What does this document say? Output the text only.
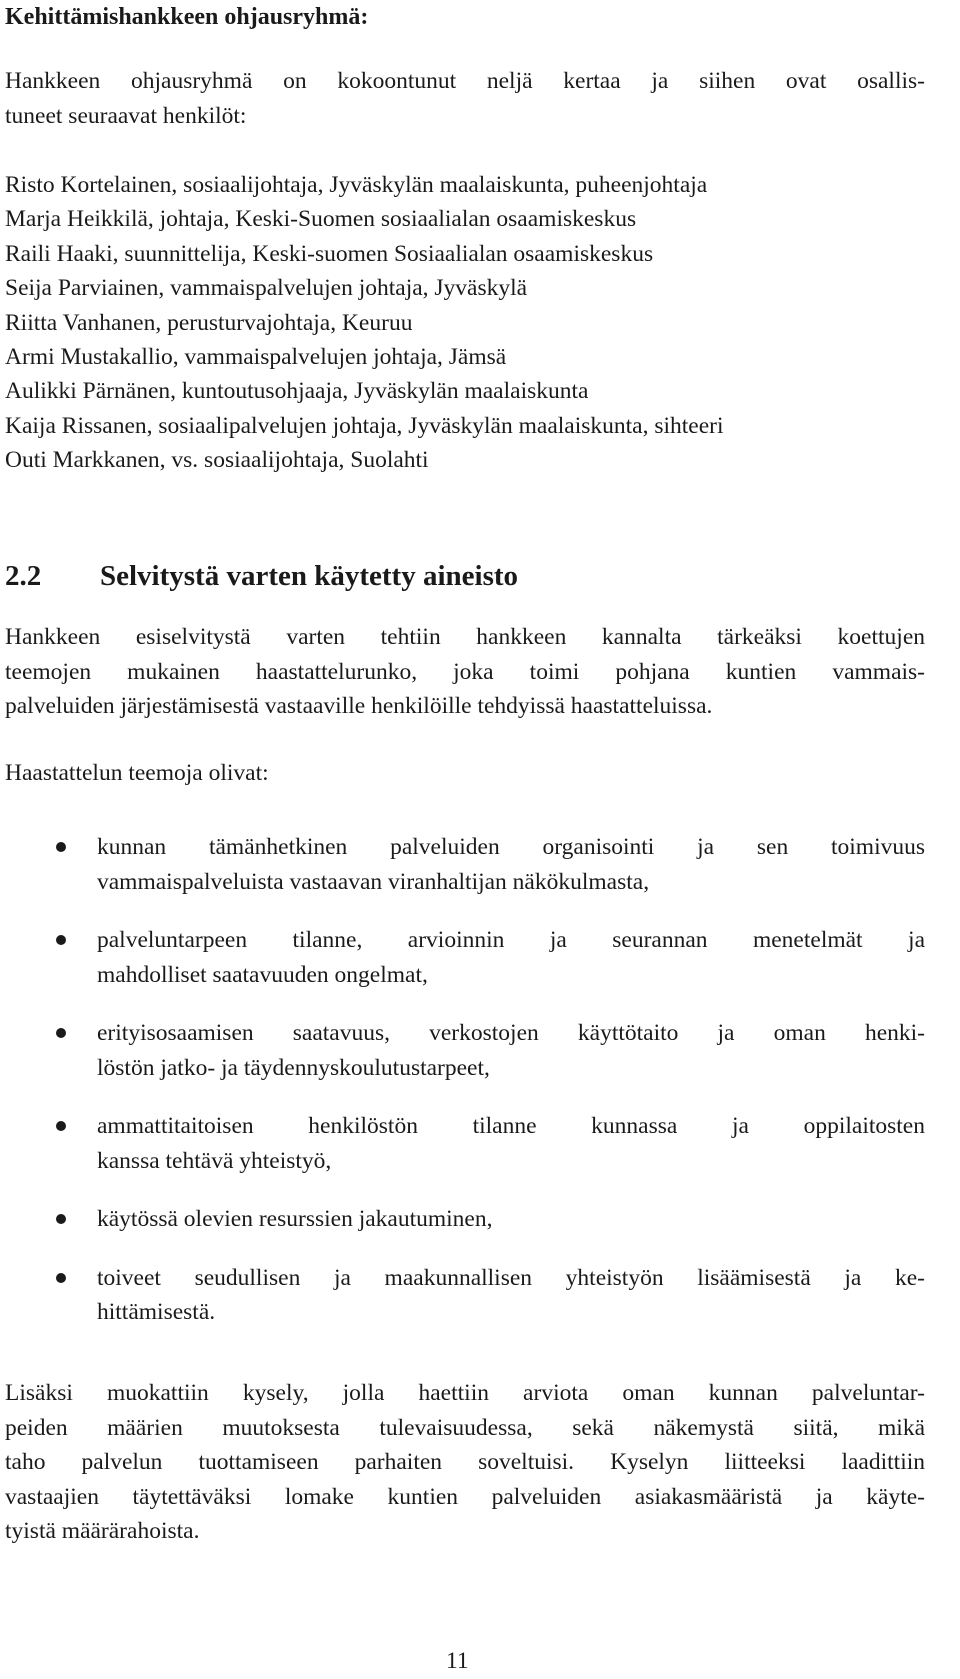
Kehittämishankkeen ohjausryhmä:
Hankkeen ohjausryhmä on kokoontunut neljä kertaa ja siihen ovat osallis-
tuneet seuraavat henkilöt:
Risto Kortelainen, sosiaalijohtaja, Jyväskylän maalaiskunta, puheenjohtaja
Marja Heikkilä, johtaja, Keski-Suomen sosiaalialan osaamiskeskus
Raili Haaki, suunnittelija, Keski-suomen Sosiaalialan osaamiskeskus
Seija Parviainen, vammaispalvelujen johtaja, Jyväskylä
Riitta Vanhanen, perusturvajohtaja, Keuruu
Armi Mustakallio, vammaispalvelujen johtaja, Jämsä
Aulikki Pärnänen, kuntoutusohjaaja, Jyväskylän maalaiskunta
Kaija Rissanen, sosiaalipalvelujen johtaja, Jyväskylän maalaiskunta, sihteeri
Outi Markkanen, vs. sosiaalijohtaja, Suolahti
2.2 Selvitystä varten käytetty aineisto
Hankkeen esiselvitystä varten tehtiin hankkeen kannalta tärkeäksi koettujen
teemojen mukainen haastattelurunko, joka toimi pohjana kuntien vammais-
palveluiden järjestämisestä vastaaville henkilöille tehdyissä haastatteluissa.
Haastattelun teemoja olivat:
kunnan tämänhetkinen palveluiden organisointi ja sen toimivuus
vammaispalveluista vastaavan viranhaltijan näkökulmasta,
palveluntarpeen tilanne, arvioinnin ja seurannan menetelmät ja
mahdolliset saatavuuden ongelmat,
erityisosaamisen saatavuus, verkostojen käyttötaito ja oman henki-
löstön jatko- ja täydennyskoulutustarpeet,
ammattitaitoisen henkilöstön tilanne kunnassa ja oppilaitosten
kanssa tehtävä yhteistyö,
käytössä olevien resurssien jakautuminen,
toiveet seudullisen ja maakunnallisen yhteistyön lisäämisestä ja ke-
hittämisestä.
Lisäksi muokattiin kysely, jolla haettiin arviota oman kunnan palveluntar-
peiden määrien muutoksesta tulevaisuudessa, sekä näkemystä siitä, mikä
taho palvelun tuottamiseen parhaiten soveltuisi. Kyselyn liitteeksi laadittiin
vastaajien täytettäväksi lomake kuntien palveluiden asiakasmääristä ja käyte-
tyistä määrärahoista.
11
